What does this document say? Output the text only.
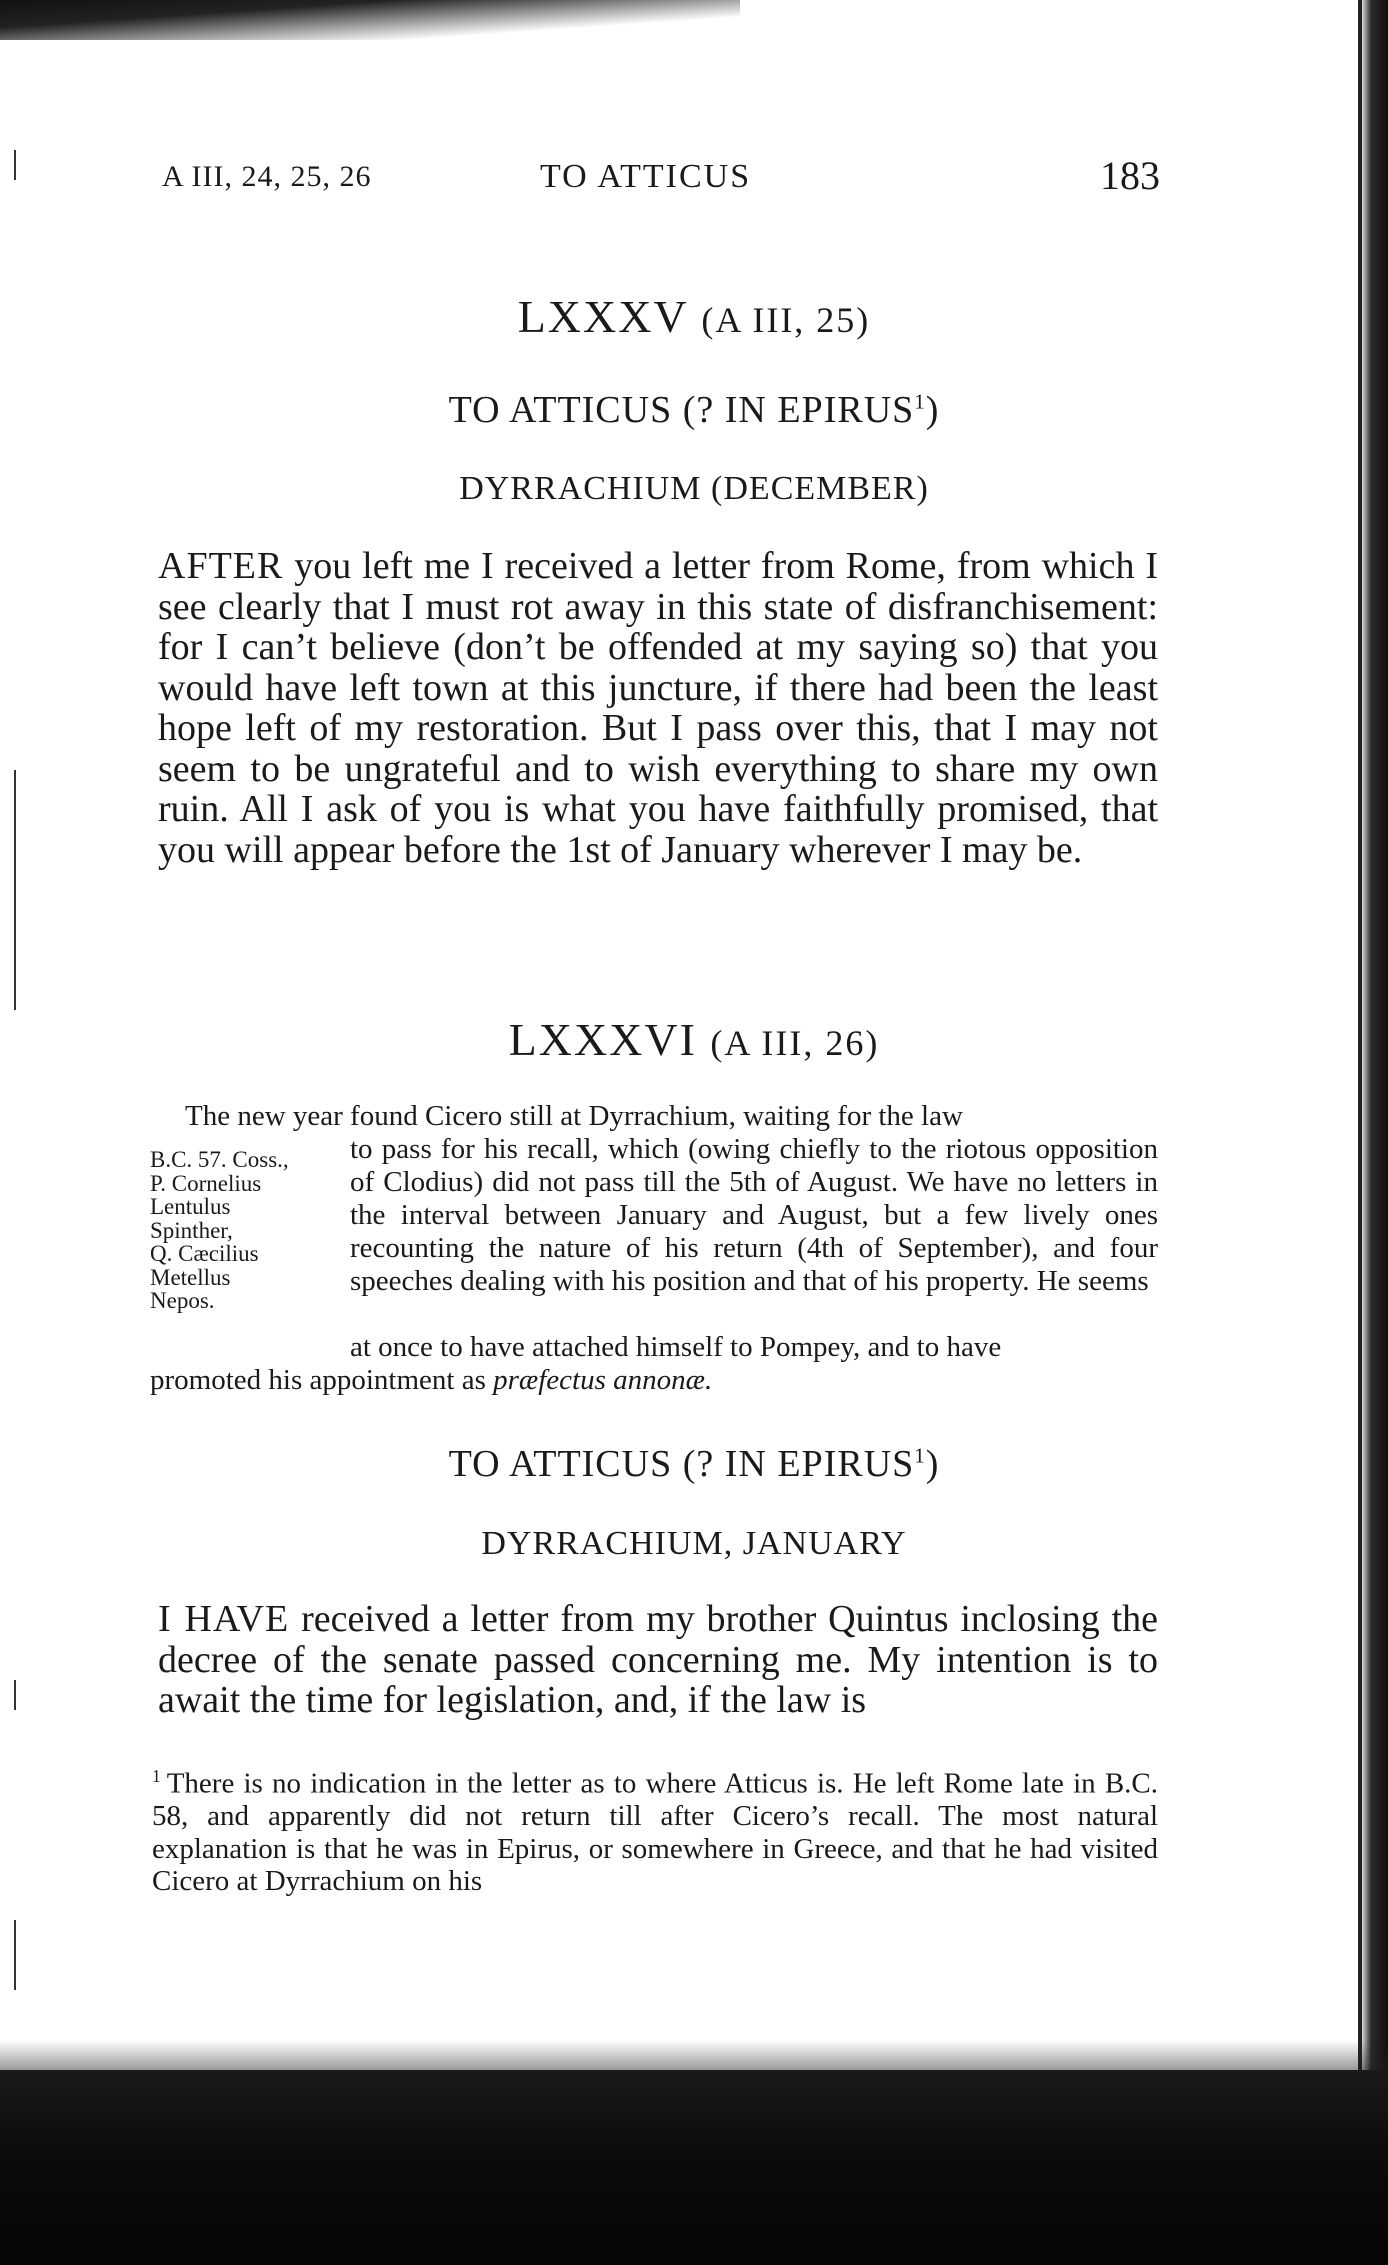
A III, 24, 25, 26	TO ATTICUS	183
LXXXV (A III, 25)
TO ATTICUS (? IN EPIRUS$^1$)
DYRRACHIUM (DECEMBER)

AFTER you left me I received a letter from Rome, from which I see clearly that I must rot away in this state of disfranchisement: for I can’t believe (don’t be offended at my saying so) that you would have left town at this juncture, if there had been the least hope left of my restoration. But I pass over this, that I may not seem to be ungrateful and to wish everything to share my own ruin. All I ask of you is what you have faithfully promised, that you will appear before the 1st of January wherever I may be.

LXXXVI (A III, 26)
The new year found Cicero still at Dyrrachium, waiting for the law
B.C. 57. Coss.,
P. Cornelius
Lentulus
Spinther,
Q. Cæcilius
Metellus
Nepos.
to pass for his recall, which (owing chiefly to the riotous opposition of Clodius) did not pass till the 5th of August. We have no letters in the interval between January and August, but a few lively ones recounting the nature of his return (4th of September), and four speeches dealing with his position and that of his property. He seems
at once to have attached himself to Pompey, and to have
promoted his appointment as præfectus annonæ.
TO ATTICUS (? IN EPIRUS$^1$)
DYRRACHIUM, JANUARY

I HAVE received a letter from my brother Quintus inclosing the decree of the senate passed concerning me. My intention is to await the time for legislation, and, if the law is

$^1$ There is no indication in the letter as to where Atticus is. He left Rome late in B.C. 58, and apparently did not return till after Cicero’s recall. The most natural explanation is that he was in Epirus, or somewhere in Greece, and that he had visited Cicero at Dyrrachium on his
